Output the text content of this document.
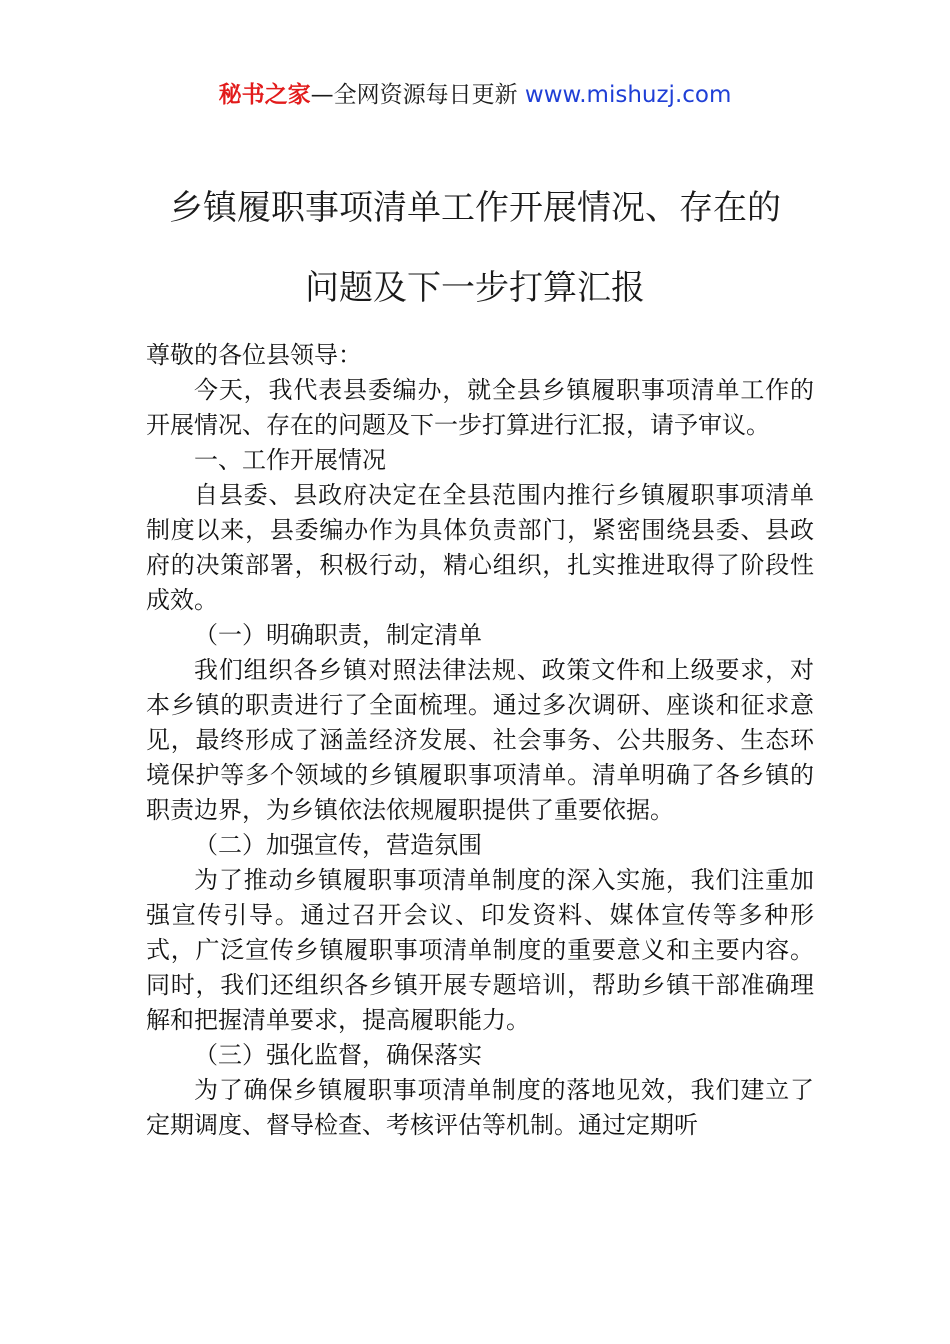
秘书之家—全网资源每日更新 www.mishuzj.com
乡镇履职事项清单工作开展情况、存在的
问题及下一步打算汇报

尊敬的各位县领导：

今天，我代表县委编办，就全县乡镇履职事项清单工作的开展情况、存在的问题及下一步打算进行汇报，请予审议。

一、工作开展情况

自县委、县政府决定在全县范围内推行乡镇履职事项清单制度以来，县委编办作为具体负责部门，紧密围绕县委、县政府的决策部署，积极行动，精心组织，扎实推进取得了阶段性成效。

（一）明确职责，制定清单

我们组织各乡镇对照法律法规、政策文件和上级要求，对本乡镇的职责进行了全面梳理。通过多次调研、座谈和征求意见，最终形成了涵盖经济发展、社会事务、公共服务、生态环境保护等多个领域的乡镇履职事项清单。清单明确了各乡镇的职责边界，为乡镇依法依规履职提供了重要依据。

（二）加强宣传，营造氛围

为了推动乡镇履职事项清单制度的深入实施，我们注重加强宣传引导。通过召开会议、印发资料、媒体宣传等多种形式，广泛宣传乡镇履职事项清单制度的重要意义和主要内容。同时，我们还组织各乡镇开展专题培训，帮助乡镇干部准确理解和把握清单要求，提高履职能力。

（三）强化监督，确保落实

为了确保乡镇履职事项清单制度的落地见效，我们建立了定期调度、督导检查、考核评估等机制。通过定期听
